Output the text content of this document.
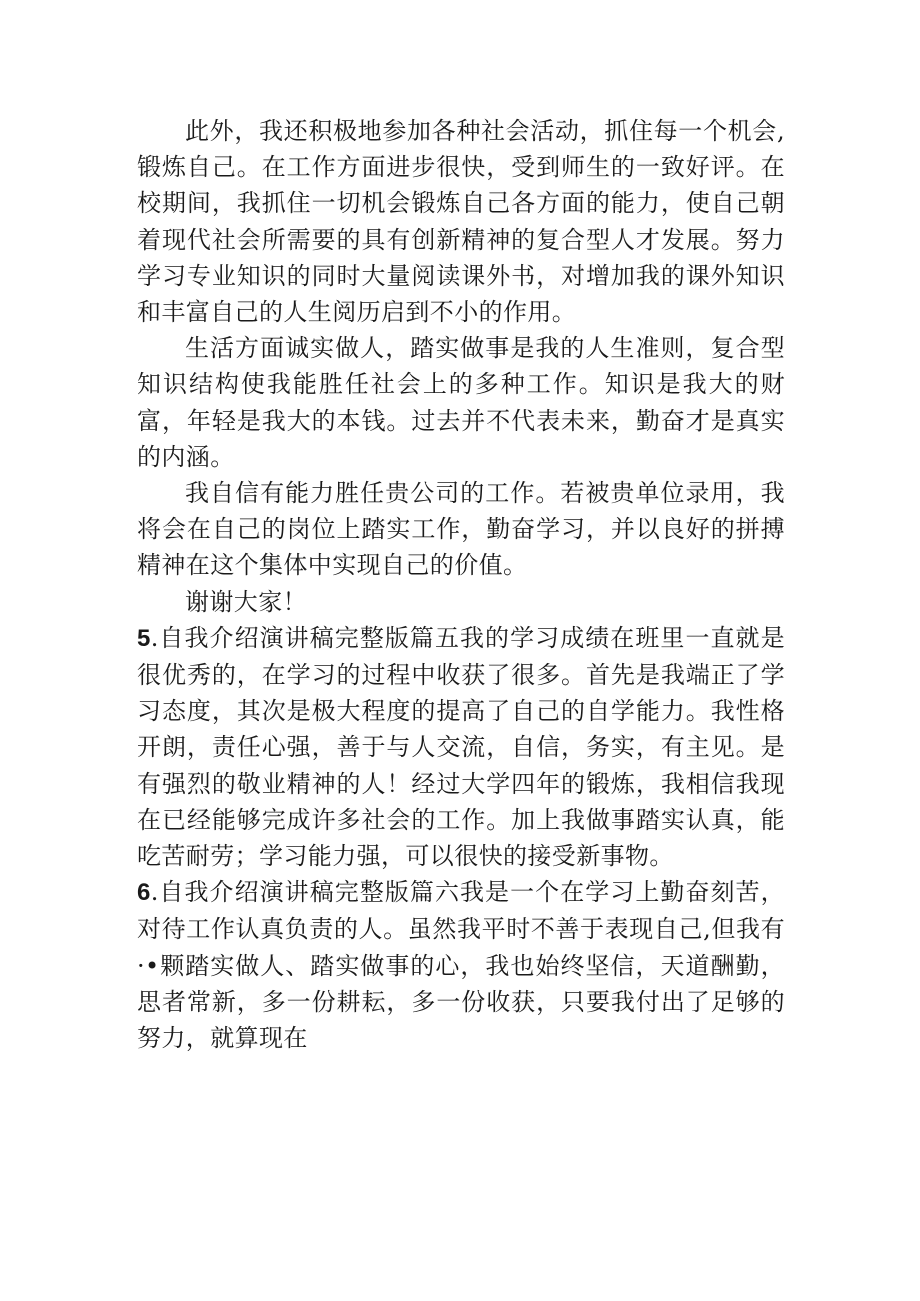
此外，我还积极地参加各种社会活动，抓住每一个机会,锻炼自己。在工作方面进步很快，受到师生的一致好评。在校期间，我抓住一切机会锻炼自己各方面的能力，使自己朝着现代社会所需要的具有创新精神的复合型人才发展。努力学习专业知识的同时大量阅读课外书，对增加我的课外知识和丰富自己的人生阅历启到不小的作用。

生活方面诚实做人，踏实做事是我的人生准则，复合型知识结构使我能胜任社会上的多种工作。知识是我大的财富，年轻是我大的本钱。过去并不代表未来，勤奋才是真实的内涵。

我自信有能力胜任贵公司的工作。若被贵单位录用，我将会在自己的岗位上踏实工作，勤奋学习，并以良好的拼搏精神在这个集体中实现自己的价值。

谢谢大家！

5.自我介绍演讲稿完整版篇五我的学习成绩在班里一直就是很优秀的，在学习的过程中收获了很多。首先是我端正了学习态度，其次是极大程度的提高了自己的自学能力。我性格开朗，责任心强，善于与人交流，自信，务实，有主见。是有强烈的敬业精神的人！经过大学四年的锻炼，我相信我现在已经能够完成许多社会的工作。加上我做事踏实认真，能吃苦耐劳；学习能力强，可以很快的接受新事物。

6.自我介绍演讲稿完整版篇六我是一个在学习上勤奋刻苦，对待工作认真负责的人。虽然我平时不善于表现自己,但我有·•颗踏实做人、踏实做事的心，我也始终坚信，天道酬勤，思者常新，多一份耕耘，多一份收获，只要我付出了足够的努力，就算现在
